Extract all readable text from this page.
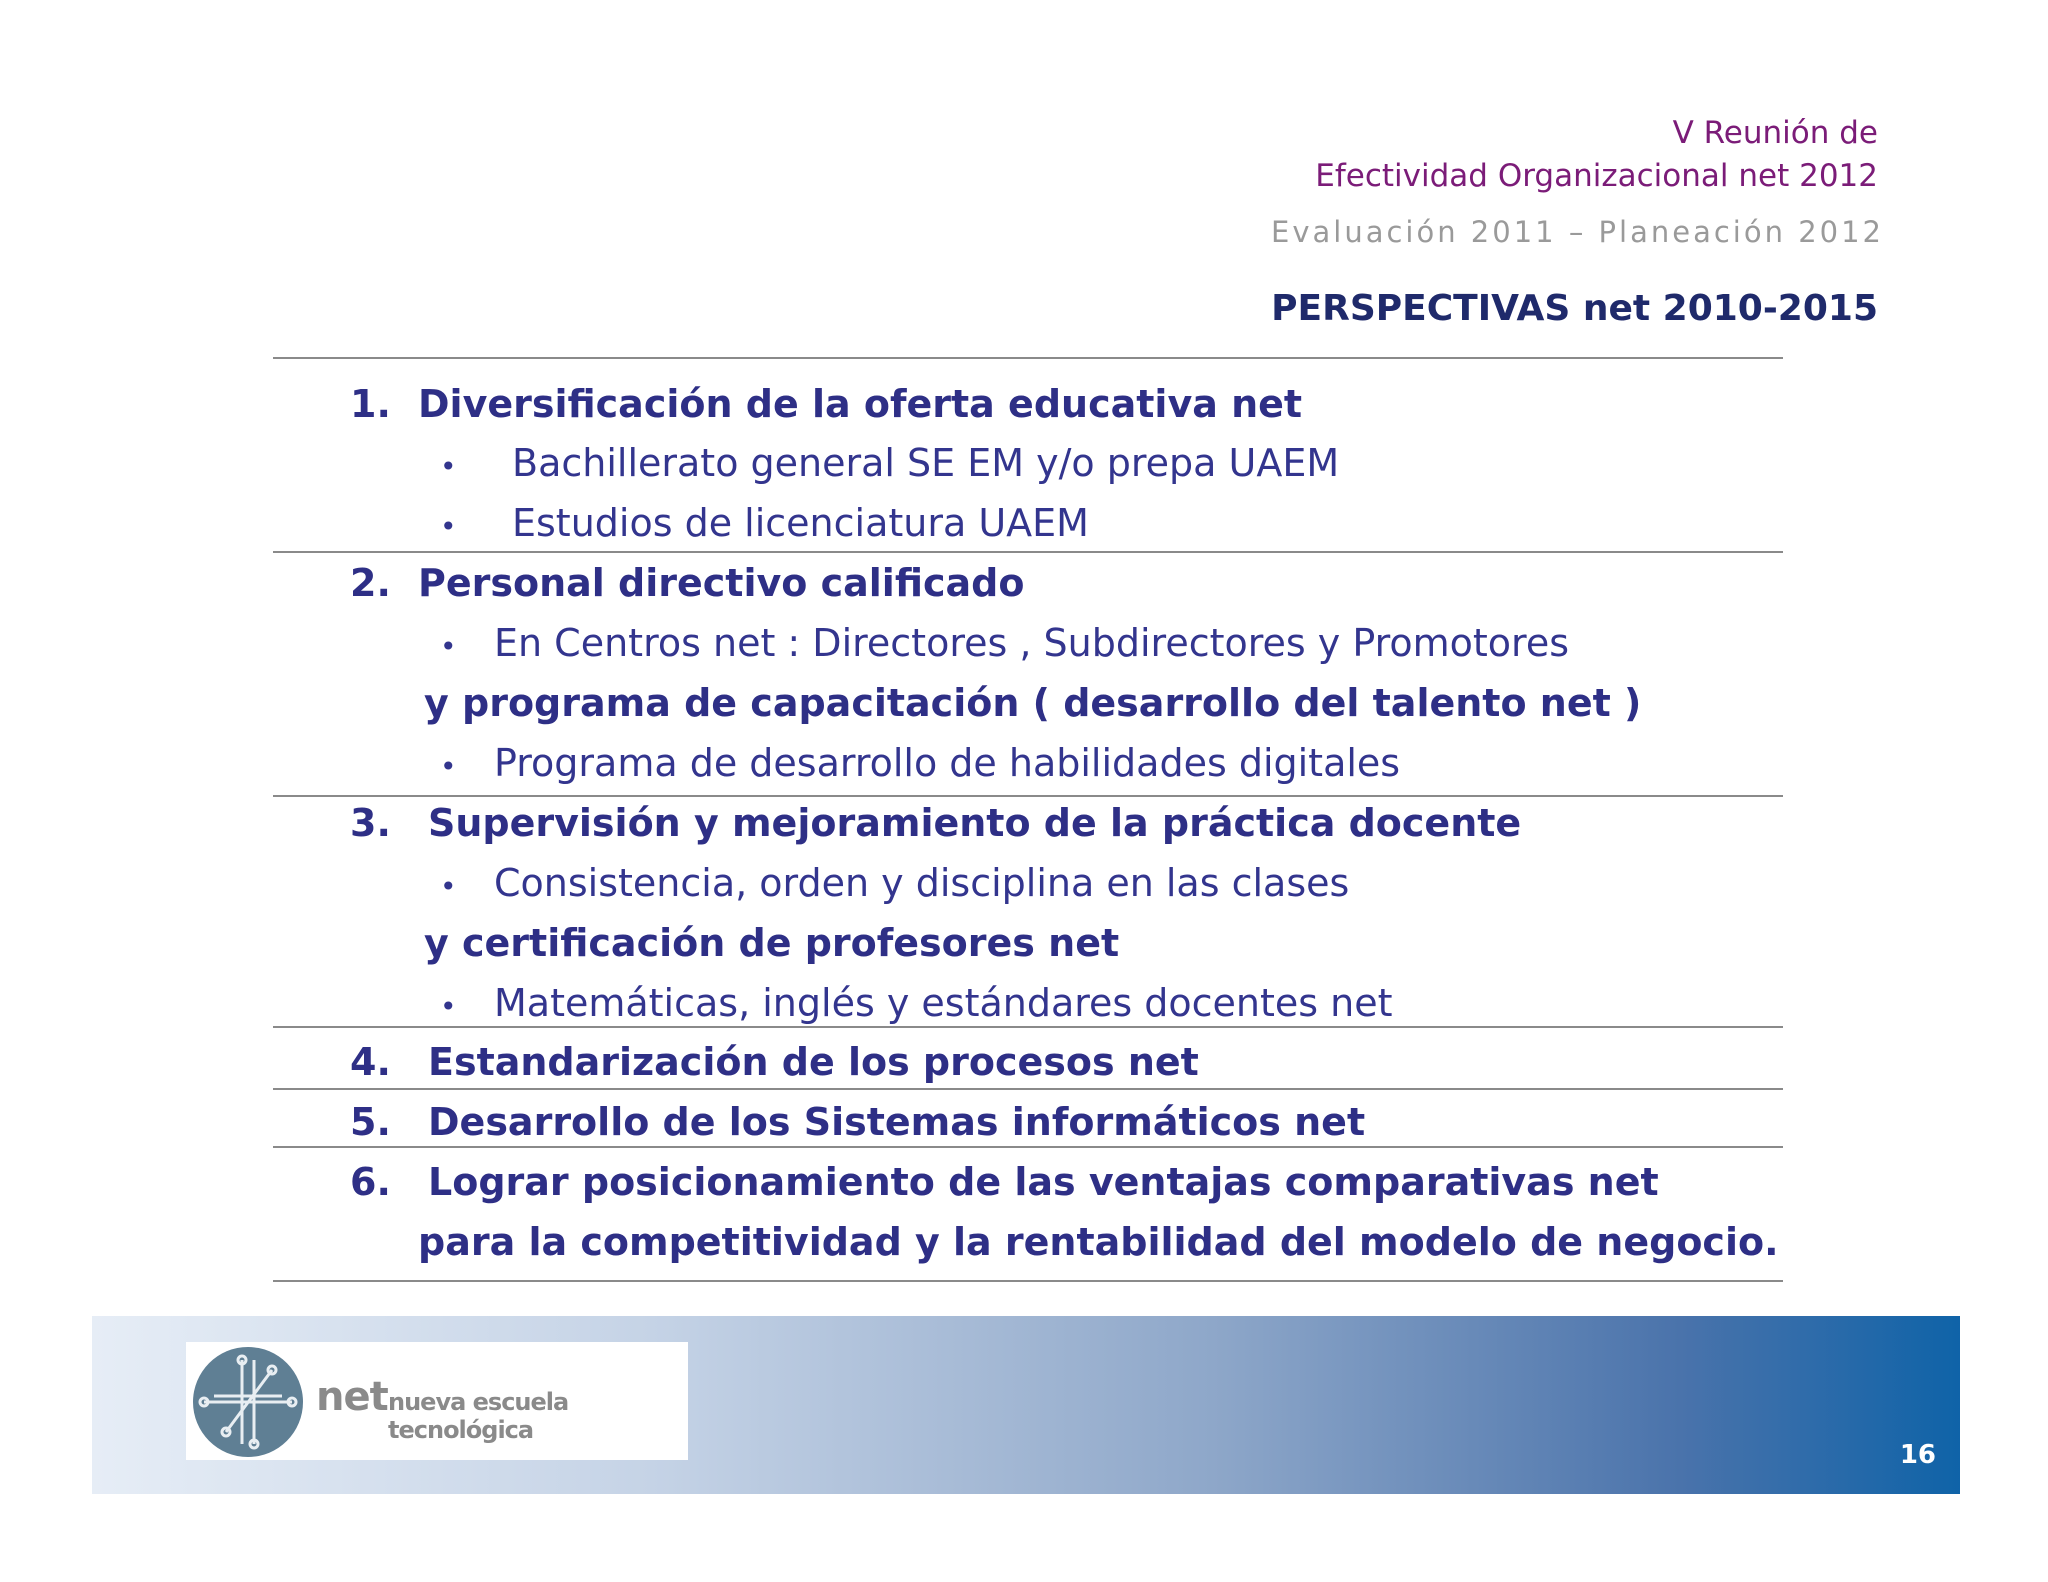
V Reunión de
Efectividad Organizacional net 2012
Evaluación 2011 – Planeación 2012
PERSPECTIVAS net 2010-2015
1. Diversificación de la oferta educativa net
• Bachillerato general SE EM y/o prepa UAEM
• Estudios de licenciatura UAEM
2. Personal directivo calificado
• En Centros net : Directores , Subdirectores y Promotores
y programa de capacitación ( desarrollo del talento net )
• Programa de desarrollo de habilidades digitales
3. Supervisión y mejoramiento de la práctica docente
• Consistencia, orden y disciplina en las clases
y certificación de profesores net
• Matemáticas, inglés y estándares docentes net
4. Estandarización de los procesos net
5. Desarrollo de los Sistemas informáticos net
6. Lograr posicionamiento de las ventajas comparativas net
para la competitividad y la rentabilidad del modelo de negocio.
net nueva escuela tecnológica
16
